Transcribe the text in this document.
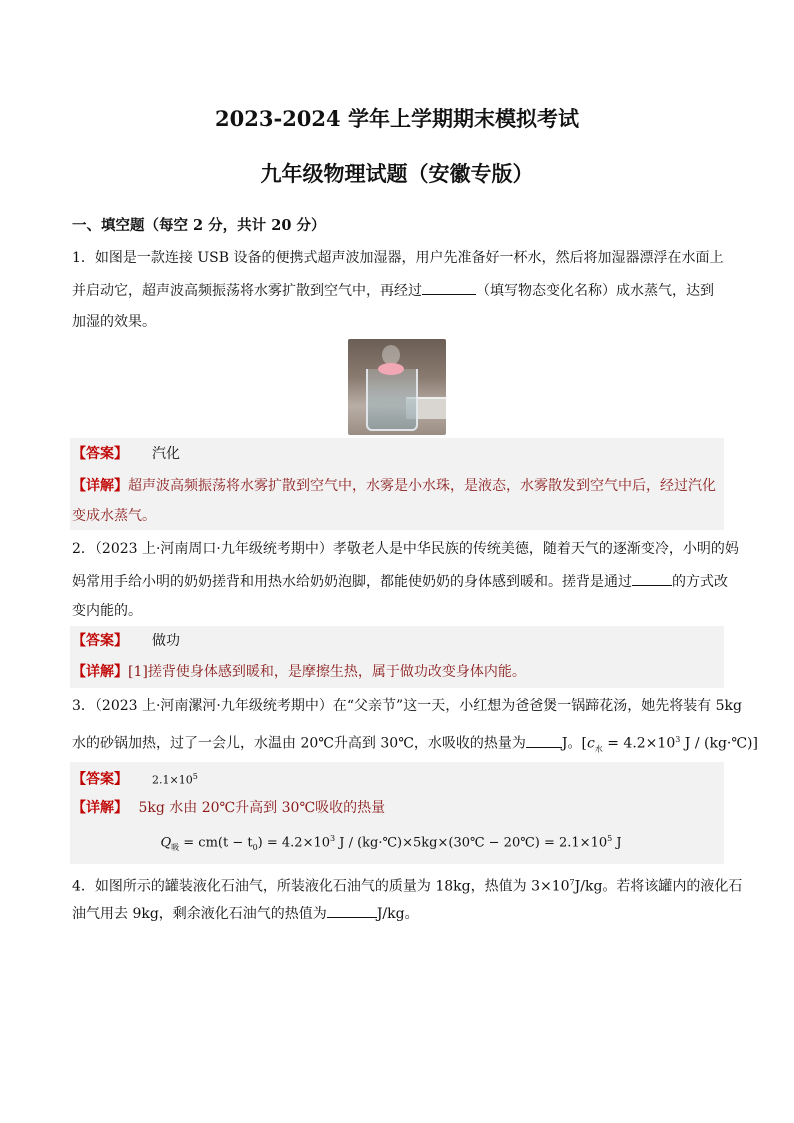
2023-2024 学年上学期期末模拟考试
九年级物理试题（安徽专版）
一、填空题（每空 2 分，共计 20 分）
1．如图是一款连接 USB 设备的便携式超声波加湿器，用户先准备好一杯水，然后将加湿器漂浮在水面上
并启动它，超声波高频振荡将水雾扩散到空气中，再经过	（填写物态变化名称）成水蒸气，达到
加湿的效果。
【答案】 汽化
【详解】超声波高频振荡将水雾扩散到空气中，水雾是小水珠，是液态，水雾散发到空气中后，经过汽化
变成水蒸气。
2．（2023 上·河南周口·九年级统考期中）孝敬老人是中华民族的传统美德，随着天气的逐渐变冷，小明的妈
妈常用手给小明的奶奶搓背和用热水给奶奶泡脚，都能使奶奶的身体感到暖和。搓背是通过	的方式改
变内能的。
【答案】 做功
【详解】[1]搓背使身体感到暖和，是摩擦生热，属于做功改变身体内能。
3．（2023 上·河南漯河·九年级统考期中）在“父亲节”这一天，小红想为爸爸煲一锅蹄花汤，她先将装有 5kg
水的砂锅加热，过了一会儿，水温由 20℃升高到 30℃，水吸收的热量为	J。[$c_水 = 4.2\times 10^3$ J / (kg·℃)]
【答案】 $2.1\times 10^5$
【详解】 5kg 水由 20℃升高到 30℃吸收的热量
$Q_吸 = cm(t - t_0) = 4.2\times 10^3$ J / (kg·℃)×5kg×(30℃ − 20℃) = $2.1\times 10^5$ J
4．如图所示的罐装液化石油气，所装液化石油气的质量为 18kg，热值为 $3\times 10^7J/kg$。若将该罐内的液化石
油气用去 9kg，剩余液化石油气的热值为	J/kg。
